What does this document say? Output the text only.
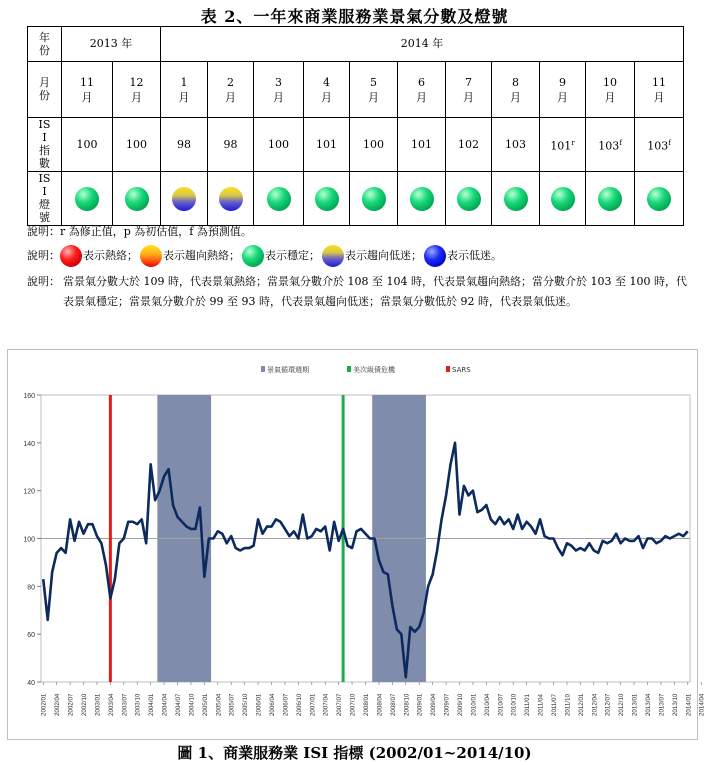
表 2、一年來商業服務業景氣分數及燈號
年份	2013 年		2014 年										
月份	11月	12月	1月	2月	3月	4月	5月	6月	7月	8月	9月	10月	11月
ISI指數	100	100	98	98	100	101	100	101	102	103	101$^r$	103$^f$	103$^f$
ISI燈號													
說明：r 為修正值，p 為初估值，f 為預測值。
說明： 表示熱絡； 表示趨向熱絡； 表示穩定； 表示趨向低迷； 表示低迷。
說明： 當景氣分數大於 109 時，代表景氣熱絡；當景氣分數介於 108 至 104 時，代表景氣趨向熱絡；當分數介於 103 至 100 時，代表景氣穩定；當景氣分數介於 99 至 93 時，代表景氣趨向低迷；當景氣分數低於 92 時，代表景氣低迷。
40
60
80
100
120
140
160
2002/01 2002/04 2002/07 2002/10 2003/01 2003/04 2003/07 2003/10 2004/01 2004/04 2004/07 2004/10 2005/01 2005/04 2005/07 2005/10 2006/01 2006/04 2006/07 2006/10 2007/01 2007/04 2007/07 2007/10 2008/01 2008/04 2008/07 2008/10 2009/01 2009/04 2009/07 2009/10 2010/01 2010/04 2010/07 2010/10 2011/01 2011/04 2011/07 2011/10 2012/01 2012/04 2012/07 2012/10 2013/01 2013/04 2013/07 2013/10 2014/01 2014/04
景氣循環週期	美次級債危機	SARS
圖 1、商業服務業 ISI 指標 (2002/01~2014/10)
